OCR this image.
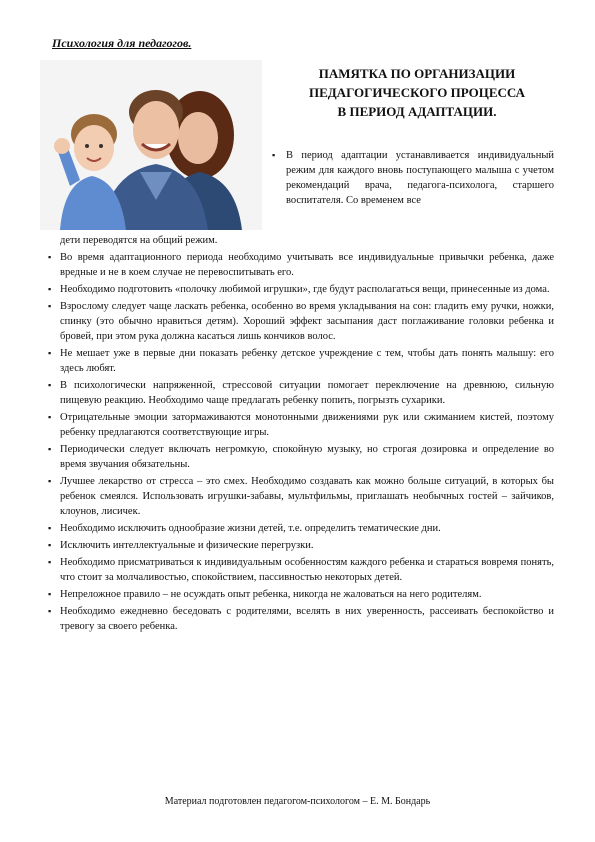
Психология для педагогов.
ПАМЯТКА ПО ОРГАНИЗАЦИИ
ПЕДАГОГИЧЕСКОГО ПРОЦЕССА
В ПЕРИОД АДАПТАЦИИ.
▪	В период адаптации устанавливается индивидуальный режим для каждого вновь поступающего малыша с учетом рекомендаций врача, педагога-психолога, старшего воспитателя. Со временем все
дети переводятся на общий режим.
▪ Во время адаптационного периода необходимо учитывать все индивидуальные привычки ребенка, даже вредные и не в коем случае не перевоспитывать его.
▪ Необходимо подготовить «полочку любимой игрушки», где будут располагаться вещи, принесенные из дома.
▪ Взрослому следует чаще ласкать ребенка, особенно во время укладывания на сон: гладить ему ручки, ножки, спинку (это обычно нравиться детям). Хороший эффект засыпания даст поглаживание головки ребенка и бровей, при этом рука должна касаться лишь кончиков волос.
▪ Не мешает уже в первые дни показать ребенку детское учреждение с тем, чтобы дать понять малышу: его здесь любят.
▪ В психологически напряженной, стрессовой ситуации помогает переключение на древнюю, сильную пищевую реакцию. Необходимо чаще предлагать ребенку попить, погрызть сухарики.
▪ Отрицательные эмоции затормаживаются монотонными движениями рук или сжиманием кистей, поэтому ребенку предлагаются соответствующие игры.
▪ Периодически следует включать негромкую, спокойную музыку, но строгая дозировка и определение во время звучания обязательны.
▪ Лучшее лекарство от стресса – это смех. Необходимо создавать как можно больше ситуаций, в которых бы ребенок смеялся. Использовать игрушки-забавы, мультфильмы, приглашать необычных гостей – зайчиков, клоунов, лисичек.
▪ Необходимо исключить однообразие жизни детей, т.е. определить тематические дни.
▪ Исключить интеллектуальные и физические перегрузки.
▪ Необходимо присматриваться к индивидуальным особенностям каждого ребенка и стараться вовремя понять, что стоит за молчаливостью, спокойствием, пассивностью некоторых детей.
▪ Непреложное правило – не осуждать опыт ребенка, никогда не жаловаться на него родителям.
▪ Необходимо ежедневно беседовать с родителями, вселять в них уверенность, рассеивать беспокойство и тревогу за своего ребенка.
Материал подготовлен педагогом-психологом – Е. М. Бондарь
